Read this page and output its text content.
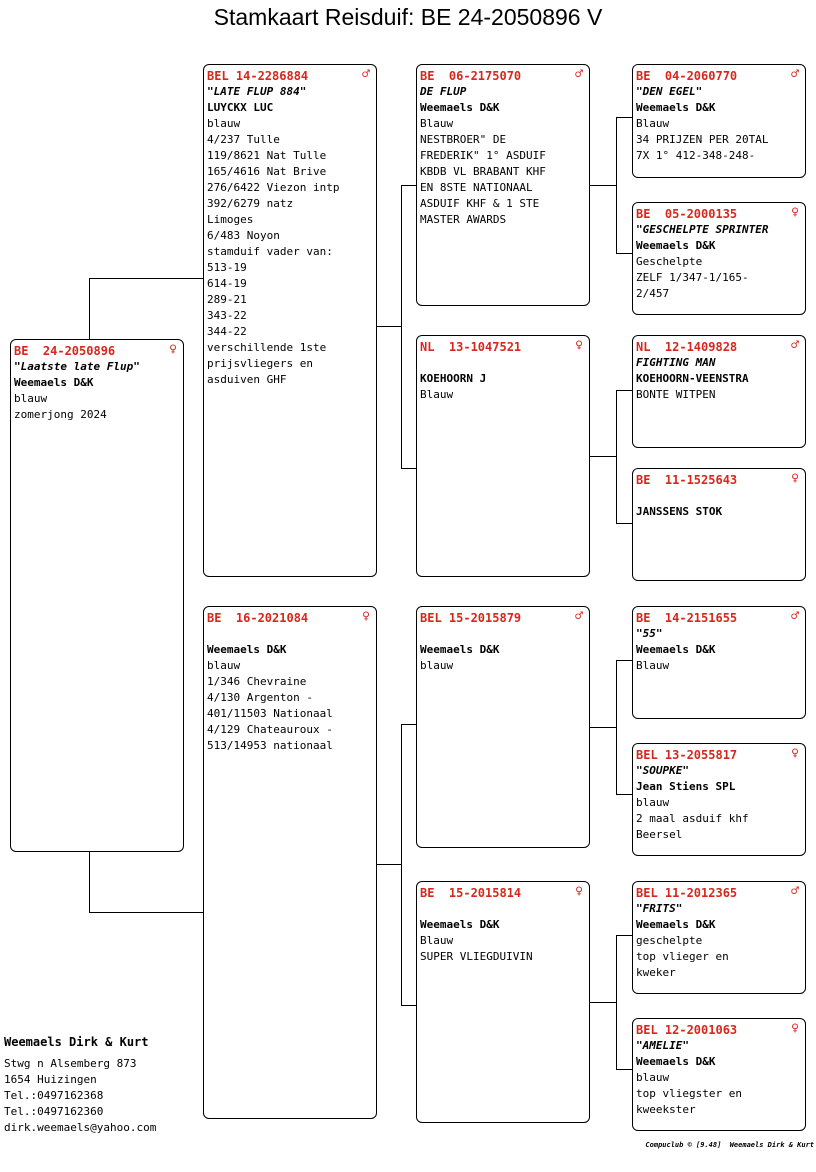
Stamkaart Reisduif: BE 24-2050896 V
BE  24-2050896	♀
"Laatste late Flup"
Weemaels D&K
blauw
zomerjong 2024
BEL 14-2286884	♂
"LATE FLUP 884"
LUYCKX LUC
blauw
4/237 Tulle
119/8621 Nat Tulle
165/4616 Nat Brive
276/6422 Viezon intp
392/6279 natz
Limoges
6/483 Noyon
stamduif vader van:
513-19
614-19
289-21
343-22
344-22
verschillende 1ste
prijsvliegers en
asduiven GHF
BE  16-2021084	♀
Weemaels D&K
blauw
1/346 Chevraine
4/130 Argenton -
401/11503 Nationaal
4/129 Chateauroux -
513/14953 nationaal
BE  06-2175070	♂
DE FLUP
Weemaels D&K
Blauw
NESTBROER" DE
FREDERIK" 1° ASDUIF
KBDB VL BRABANT KHF
EN 8STE NATIONAAL
ASDUIF KHF & 1 STE
MASTER AWARDS
NL  13-1047521	♀
KOEHOORN J
Blauw
BEL 15-2015879	♂
Weemaels D&K
blauw
BE  15-2015814	♀
Weemaels D&K
Blauw
SUPER VLIEGDUIVIN
BE  04-2060770	♂
"DEN EGEL"
Weemaels D&K
Blauw
34 PRIJZEN PER 20TAL
7X 1° 412-348-248-
BE  05-2000135	♀
"GESCHELPTE SPRINTER
Weemaels D&K
Geschelpte
ZELF 1/347-1/165-
2/457
NL  12-1409828	♂
FIGHTING MAN
KOEHOORN-VEENSTRA
BONTE WITPEN
BE  11-1525643	♀
JANSSENS STOK
BE  14-2151655	♂
"55"
Weemaels D&K
Blauw
BEL 13-2055817	♀
"SOUPKE"
Jean Stiens SPL
blauw
2 maal asduif khf
Beersel
BEL 11-2012365	♂
"FRITS"
Weemaels D&K
geschelpte
top vlieger en
kweker
BEL 12-2001063	♀
"AMELIE"
Weemaels D&K
blauw
top vliegster en
kweekster
Weemaels Dirk & Kurt
Stwg n Alsemberg 873
1654 Huizingen
Tel.:0497162368
Tel.:0497162360
dirk.weemaels@yahoo.com
Compuclub © [9.48]  Weemaels Dirk & Kurt
